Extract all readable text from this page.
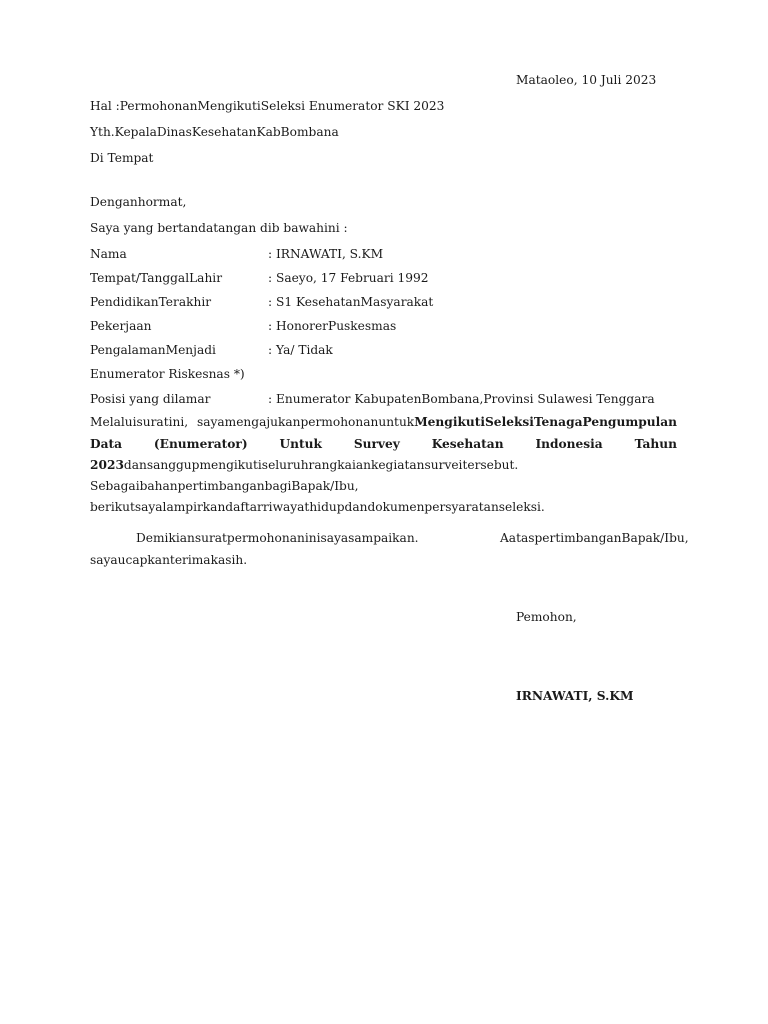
Mataoleo, 10 Juli 2023
Hal :PermohonanMengikutiSeleksi Enumerator SKI 2023
Yth.KepalaDinasKesehatanKabBombana
Di Tempat
Denganhormat,
Saya yang bertandatangan dib bawahini :
Nama	: IRNAWATI, S.KM
Tempat/TanggalLahir	: Saeyo, 17 Februari 1992
PendidikanTerakhir	: S1 KesehatanMasyarakat
Pekerjaan	: HonorerPuskesmas
PengalamanMenjadi	: Ya/ Tidak
Enumerator Riskesnas *)
Posisi yang dilamar	: Enumerator KabupatenBombana,Provinsi Sulawesi Tenggara
Melaluisuratini, sayamengajukanpermohonanuntukMengikutiSeleksiTenagaPengumpulan
Data	(Enumerator)	Untuk	Survey	Kesehatan	Indonesia	Tahun
2023dansanggupmengikutiseluruhrangkaiankegiatansurveitersebut.
SebagaibahanpertimbanganbagiBapak/Ibu,
berikutsayalampirkandaftarriwayathidupdandokumenpersyaratanseleksi.
Demikiansuratpermohonaninisayasampaikan.	AataspertimbanganBapak/Ibu,
sayaucapkanterimakasih.
Pemohon,
IRNAWATI, S.KM
